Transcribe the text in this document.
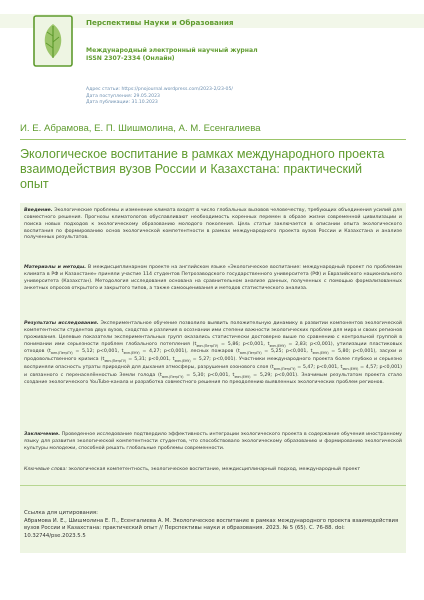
Перспективы Науки и Образования
Международный электронный научный журнал
ISSN 2307-2334 (Онлайн)
Адрес статьи: https://pnojournal.wordpress.com/2023-2/23-05/
Дата поступления: 29.05.2023
Дата публикации: 31.10.2023
И. Е. Абрамова, Е. П. Шишмолина, А. М. Есенгалиева
Экологическое воспитание в рамках международного проекта взаимодействия вузов России и Казахстана: практический опыт
Введение. Экологические проблемы и изменение климата входят в число глобальных вызовов человечеству, требующих объединения усилий для совместного решения. Прогнозы климатологов обуславливают необходимость коренных перемен в образе жизни современной цивилизации и поиска новых подходов к экологическому образованию молодого поколения. Цель статьи заключается в описании опыта экологического воспитания по формированию основ экологической компетентности в рамках международного проекта вузов России и Казахстана и анализе полученных результатов.
Материалы и методы. В междисциплинарном проекте на английском языке «Экологическое воспитание: международный проект по проблемам климата в РФ и Казахстане» приняли участие 114 студентов Петрозаводского государственного университета (РФ) и Евразийского национального университета (Казахстан). Методология исследования основана на сравнительном анализе данных, полученных с помощью формализованных анкетных опросов открытого и закрытого типов, а также самооценивания и методов статистического анализа.
Результаты исследования. Экспериментальное обучение позволило выявить положительную динамику в развитии компонентов экологической компетентности студентов двух вузов, сходства и различия в осознании ими степени важности экологических проблем для мира и своих регионов проживания. Целевые показатели экспериментальных групп оказались статистически достоверно выше по сравнению с контрольной группой в понимании ими серьезности проблем глобального потепления ($t_{эмп.(ПетрГУ)} = 5,86$; p<0,001, $t_{эмп.(ЕНУ)} = 2,83$; p<0,001), утилизации пластиковых отходов ($t_{эмп.(ПетрГУ)} = 5,12$; p<0,001, $t_{эмп.(ЕНУ)} = 4,27$; p<0,001), лесных пожаров ($t_{эмп.(ПетрГУ)} = 5,25$; p<0,001, $t_{эмп.(ЕНУ)} = 5,80$; p<0,001), засухи и продовольственного кризиса ($t_{эмп.(ПетрГУ)} = 5,31$; p<0,001, $t_{эмп.(ЕНУ)} = 5,27$; p<0,001). Участники международного проекта более глубоко и серьезно восприняли опасность утраты природной для дыхания атмосферы, разрушения озонового слоя ($t_{эмп.(ПетрГУ)} = 5,47$; p<0,001, $t_{эмп.(ЕНУ)} = 4,57$; p<0,001) и связанного с перенаселённостью Земли голода ($t_{эмп.(ПетрГУ)} = 5,30$; p<0,001, $t_{эмп.(ЕНУ)} = 5,29$; p<0,001). Значимым результатом проекта стало создание экологического YouTube-канала и разработка совместного решения по преодолению выявленных экологических проблем регионов.
Заключение. Проведенное исследование подтвердило эффективность интеграции экологического проекта в содержание обучения иностранному языку для развития экологической компетентности студентов, что способствовало экологическому образованию и формированию экологической культуры молодежи, способной решать глобальные проблемы современности.
Ключевые слова: экологическая компетентность, экологическое воспитание, междисциплинарный подход, международный проект
Ссылка для цитирования:
Абрамова И. Е., Шишмолина Е. П., Есенгалиева А. М. Экологическое воспитание в рамках международного проекта взаимодействия вузов России и Казахстана: практический опыт // Перспективы науки и образования. 2023. № 5 (65). С. 76-88. doi: 10.32744/pse.2023.5.5
